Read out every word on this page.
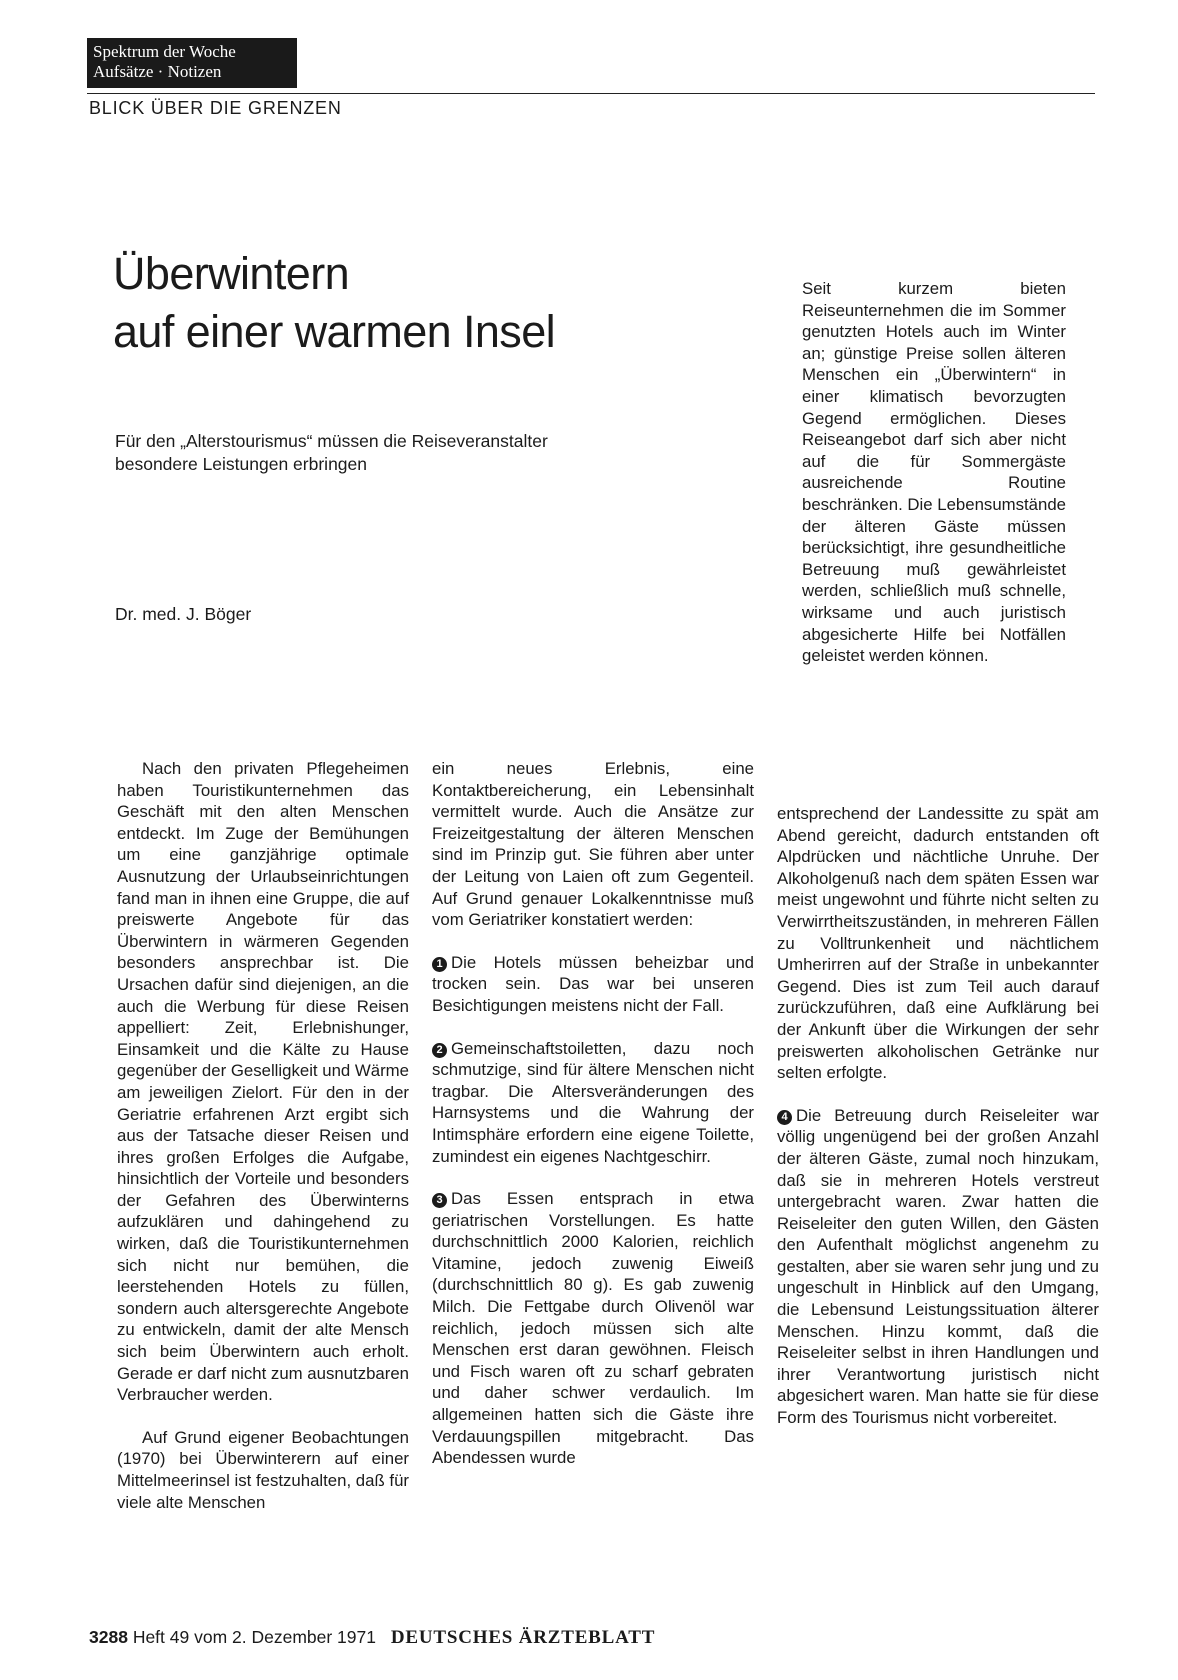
Spektrum der Woche
Aufsätze · Notizen
BLICK ÜBER DIE GRENZEN
Überwintern
auf einer warmen Insel
Für den „Alterstourismus“ müssen die Reiseveranstalter besondere Leistungen erbringen
Dr. med. J. Böger
Seit kurzem bieten Reiseunternehmen die im Sommer genutzten Hotels auch im Winter an; günstige Preise sollen älteren Menschen ein „Überwintern“ in einer klimatisch bevorzugten Gegend ermöglichen. Dieses Reiseangebot darf sich aber nicht auf die für Sommergäste ausreichende Routine beschränken. Die Lebensumstände der älteren Gäste müssen berücksichtigt, ihre gesundheitliche Betreuung muß gewährleistet werden, schließlich muß schnelle, wirksame und auch juristisch abgesicherte Hilfe bei Notfällen geleistet werden können.

Nach den privaten Pflegeheimen haben Touristikunternehmen das Geschäft mit den alten Menschen entdeckt. Im Zuge der Bemühungen um eine ganzjährige optimale Ausnutzung der Urlaubseinrichtungen fand man in ihnen eine Gruppe, die auf preiswerte Angebote für das Überwintern in wärmeren Gegenden besonders ansprechbar ist. Die Ursachen dafür sind diejenigen, an die auch die Werbung für diese Reisen appelliert: Zeit, Erlebnishunger, Einsamkeit und die Kälte zu Hause gegenüber der Geselligkeit und Wärme am jeweiligen Zielort. Für den in der Geriatrie erfahrenen Arzt ergibt sich aus der Tatsache dieser Reisen und ihres großen Erfolges die Aufgabe, hinsichtlich der Vorteile und besonders der Gefahren des Überwinterns aufzuklären und dahingehend zu wirken, daß die Touristikunternehmen sich nicht nur bemühen, die leerstehenden Hotels zu füllen, sondern auch altersgerechte Angebote zu entwickeln, damit der alte Mensch sich beim Überwintern auch erholt. Gerade er darf nicht zum ausnutzbaren Verbraucher werden.

Auf Grund eigener Beobachtungen (1970) bei Überwinterern auf einer Mittelmeerinsel ist festzuhalten, daß für viele alte Menschen

ein neues Erlebnis, eine Kontaktbereicherung, ein Lebensinhalt vermittelt wurde. Auch die Ansätze zur Freizeitgestaltung der älteren Menschen sind im Prinzip gut. Sie führen aber unter der Leitung von Laien oft zum Gegenteil. Auf Grund genauer Lokalkenntnisse muß vom Geriatriker konstatiert werden:

1 Die Hotels müssen beheizbar und trocken sein. Das war bei unseren Besichtigungen meistens nicht der Fall.

2 Gemeinschaftstoiletten, dazu noch schmutzige, sind für ältere Menschen nicht tragbar. Die Altersveränderungen des Harnsystems und die Wahrung der Intimsphäre erfordern eine eigene Toilette, zumindest ein eigenes Nachtgeschirr.

3 Das Essen entsprach in etwa geriatrischen Vorstellungen. Es hatte durchschnittlich 2000 Kalorien, reichlich Vitamine, jedoch zuwenig Eiweiß (durchschnittlich 80 g). Es gab zuwenig Milch. Die Fettgabe durch Olivenöl war reichlich, jedoch müssen sich alte Menschen erst daran gewöhnen. Fleisch und Fisch waren oft zu scharf gebraten und daher schwer verdaulich. Im allgemeinen hatten sich die Gäste ihre Verdauungspillen mitgebracht. Das Abendessen wurde

entsprechend der Landessitte zu spät am Abend gereicht, dadurch entstanden oft Alpdrücken und nächtliche Unruhe. Der Alkoholgenuß nach dem späten Essen war meist ungewohnt und führte nicht selten zu Verwirrtheitszuständen, in mehreren Fällen zu Volltrunkenheit und nächtlichem Umherirren auf der Straße in unbekannter Gegend. Dies ist zum Teil auch darauf zurückzuführen, daß eine Aufklärung bei der Ankunft über die Wirkungen der sehr preiswerten alkoholischen Getränke nur selten erfolgte.

4 Die Betreuung durch Reiseleiter war völlig ungenügend bei der großen Anzahl der älteren Gäste, zumal noch hinzukam, daß sie in mehreren Hotels verstreut untergebracht waren. Zwar hatten die Reiseleiter den guten Willen, den Gästen den Aufenthalt möglichst angenehm zu gestalten, aber sie waren sehr jung und zu ungeschult in Hinblick auf den Umgang, die Lebensund Leistungssituation älterer Menschen. Hinzu kommt, daß die Reiseleiter selbst in ihren Handlungen und ihrer Verantwortung juristisch nicht abgesichert waren. Man hatte sie für diese Form des Tourismus nicht vorbereitet.

3288 Heft 49 vom 2. Dezember 1971 DEUTSCHES ÄRZTEBLATT
